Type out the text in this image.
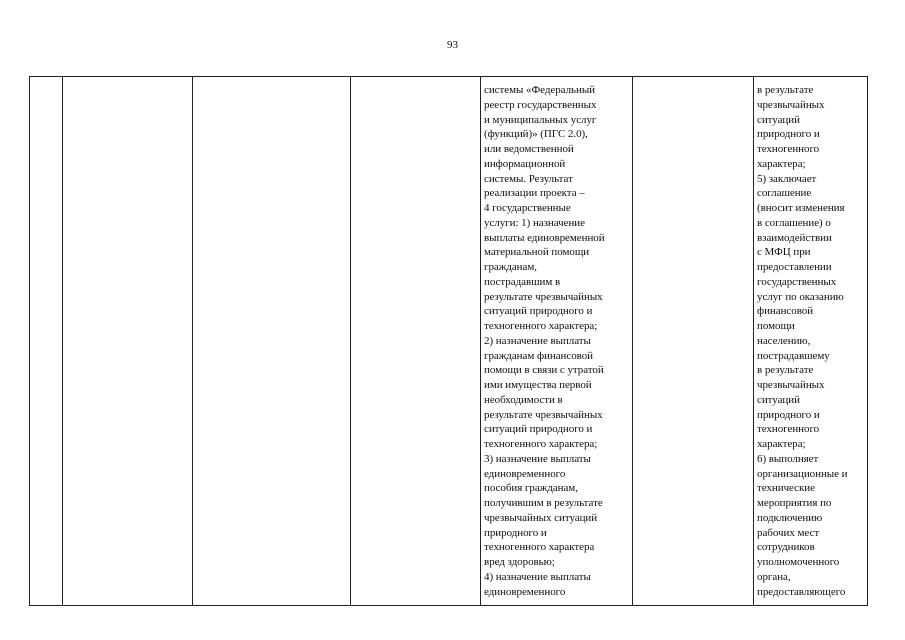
93

системы «Федеральный
реестр государственных
и муниципальных услуг
(функций)» (ПГС 2.0),
или ведомственной
информационной
системы. Результат
реализации проекта –
4 государственные
услуги: 1) назначение
выплаты единовременной
материальной помощи
гражданам,
пострадавшим в
результате чрезвычайных
ситуаций природного и
техногенного характера;
2) назначение выплаты
гражданам финансовой
помощи в связи с утратой
ими имущества первой
необходимости в
результате чрезвычайных
ситуаций природного и
техногенного характера;
3) назначение выплаты
единовременного
пособия гражданам,
получившим в результате
чрезвычайных ситуаций
природного и
техногенного характера
вред здоровью;
4) назначение выплаты
единовременного

в результате
чрезвычайных
ситуаций
природного и
техногенного
характера;
5) заключает
соглашение
(вносит изменения
в соглашение) о
взаимодействии
с МФЦ при
предоставлении
государственных
услуг по оказанию
финансовой
помощи
населению,
пострадавшему
в результате
чрезвычайных
ситуаций
природного и
техногенного
характера;
6) выполняет
организационные и
технические
мероприятия по
подключению
рабочих мест
сотрудников
уполномоченного
органа,
предоставляющего
